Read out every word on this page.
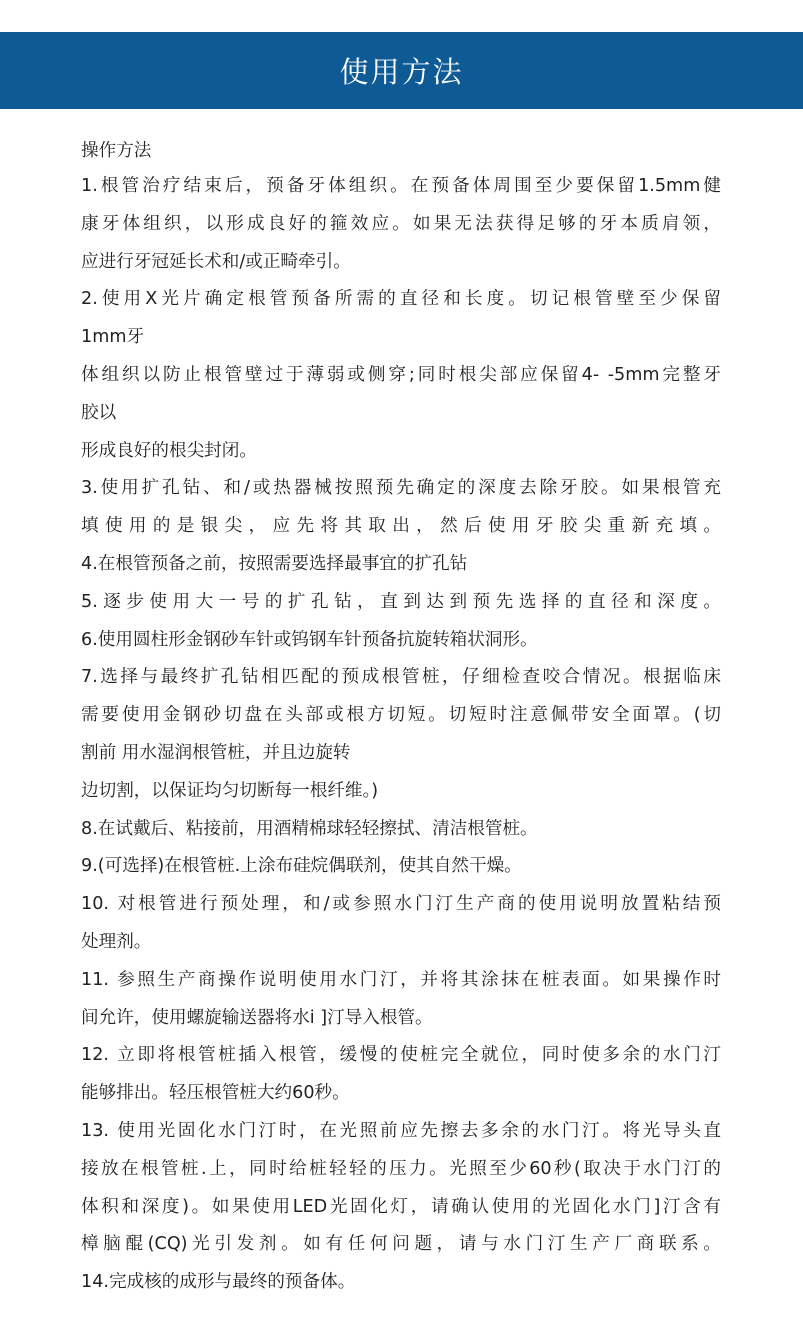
使用方法
操作方法
1.根管治疗结束后，预备牙体组织。在预备体周围至少要保留1.5mm健
康牙体组织，以形成良好的箍效应。如果无法获得足够的牙本质肩领，
应进行牙冠延长术和/或正畸牵引。
2.使用X光片确定根管预备所需的直径和长度。切记根管壁至少保留
1mm牙
体组织以防止根管壁过于薄弱或侧穿;同时根尖部应保留4- -5mm完整牙
胶以
形成良好的根尖封闭。
3.使用扩孔钻、和/或热器械按照预先确定的深度去除牙胶。如果根管充
填使用的是银尖，应先将其取出，然后使用牙胶尖重新充填。
4.在根管预备之前，按照需要选择最事宜的扩孔钻
5.逐步使用大一号的扩孔钻，直到达到预先选择的直径和深度。
6.使用圆柱形金钢砂车针或钨钢车针预备抗旋转箱状洞形。
7.选择与最终扩孔钻相匹配的预成根管桩，仔细检查咬合情况。根据临床
需要使用金钢砂切盘在头部或根方切短。切短时注意佩带安全面罩。(切
割前 用水湿润根管桩，并且边旋转
边切割，以保证均匀切断每一根纤维。)
8.在试戴后、粘接前，用酒精棉球轻轻擦拭、清洁根管桩。
9.(可选择)在根管桩.上涂布硅烷偶联剂，使其自然干燥。
10. 对根管进行预处理，和/或参照水门汀生产商的使用说明放置粘结预
处理剂。
11. 参照生产商操作说明使用水门汀，并将其涂抹在桩表面。如果操作时
间允许，使用螺旋输送器将水i ]汀导入根管。
12. 立即将根管桩插入根管，缓慢的使桩完全就位，同时使多余的水门汀
能够排出。轻压根管桩大约60秒。
13. 使用光固化水门汀时，在光照前应先擦去多余的水门汀。将光导头直
接放在根管桩.上，同时给桩轻轻的压力。光照至少60秒(取决于水门汀的
体积和深度)。如果使用LED光固化灯，请确认使用的光固化水门]汀含有
樟脑醌(CQ)光引发剂。如有任何问题，请与水门汀生产厂商联系。
14.完成核的成形与最终的预备体。
